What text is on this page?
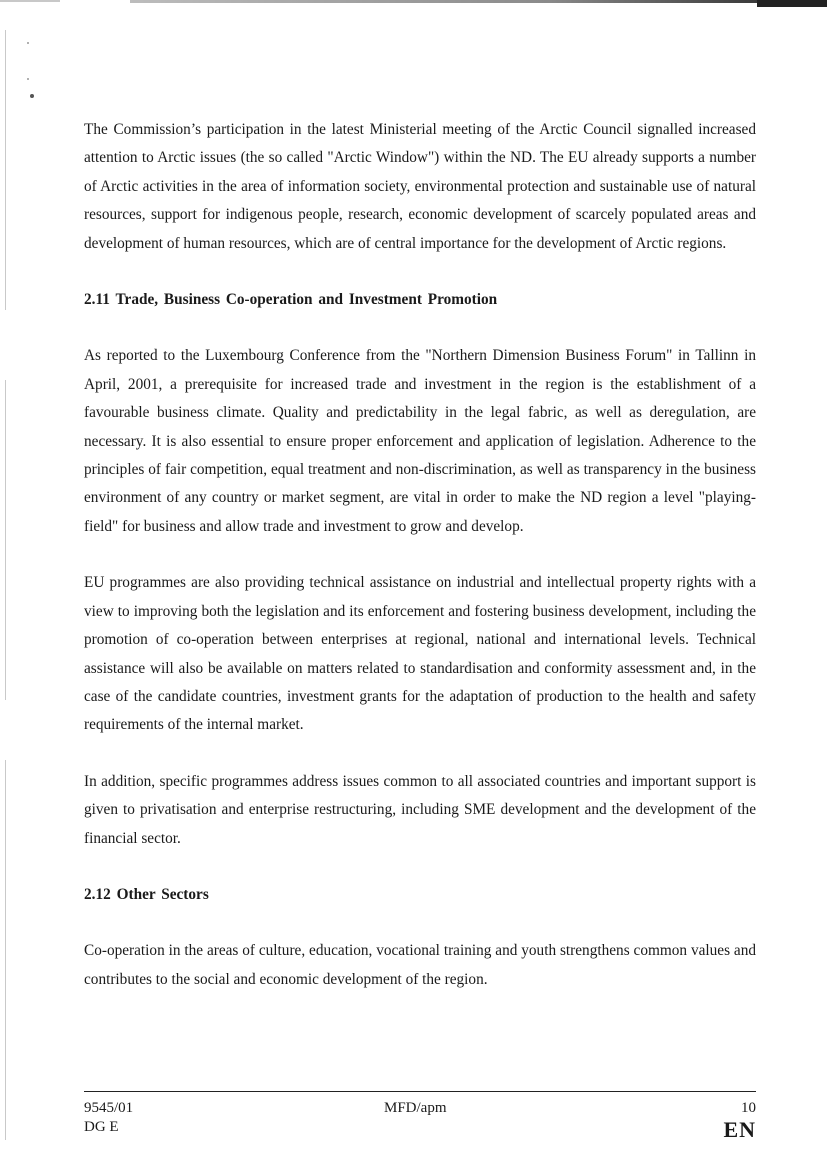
The Commission’s participation in the latest Ministerial meeting of the Arctic Council signalled increased attention to Arctic issues (the so called "Arctic Window") within the ND. The EU already supports a number of Arctic activities in the area of information society, environmental protection and sustainable use of natural resources, support for indigenous people, research, economic development of scarcely populated areas and development of human resources, which are of central importance for the development of Arctic regions.

2.11 Trade, Business Co-operation and Investment Promotion

As reported to the Luxembourg Conference from the "Northern Dimension Business Forum" in Tallinn in April, 2001, a prerequisite for increased trade and investment in the region is the establishment of a favourable business climate. Quality and predictability in the legal fabric, as well as deregulation, are necessary. It is also essential to ensure proper enforcement and application of legislation. Adherence to the principles of fair competition, equal treatment and non-discrimination, as well as transparency in the business environment of any country or market segment, are vital in order to make the ND region a level "playing-field" for business and allow trade and investment to grow and develop.

EU programmes are also providing technical assistance on industrial and intellectual property rights with a view to improving both the legislation and its enforcement and fostering business development, including the promotion of co-operation between enterprises at regional, national and international levels. Technical assistance will also be available on matters related to standardisation and conformity assessment and, in the case of the candidate countries, investment grants for the adaptation of production to the health and safety requirements of the internal market.

In addition, specific programmes address issues common to all associated countries and important support is given to privatisation and enterprise restructuring, including SME development and the development of the financial sector.

2.12 Other Sectors

Co-operation in the areas of culture, education, vocational training and youth strengthens common values and contributes to the social and economic development of the region.

9545/01
DG E
MFD/apm	10
EN
